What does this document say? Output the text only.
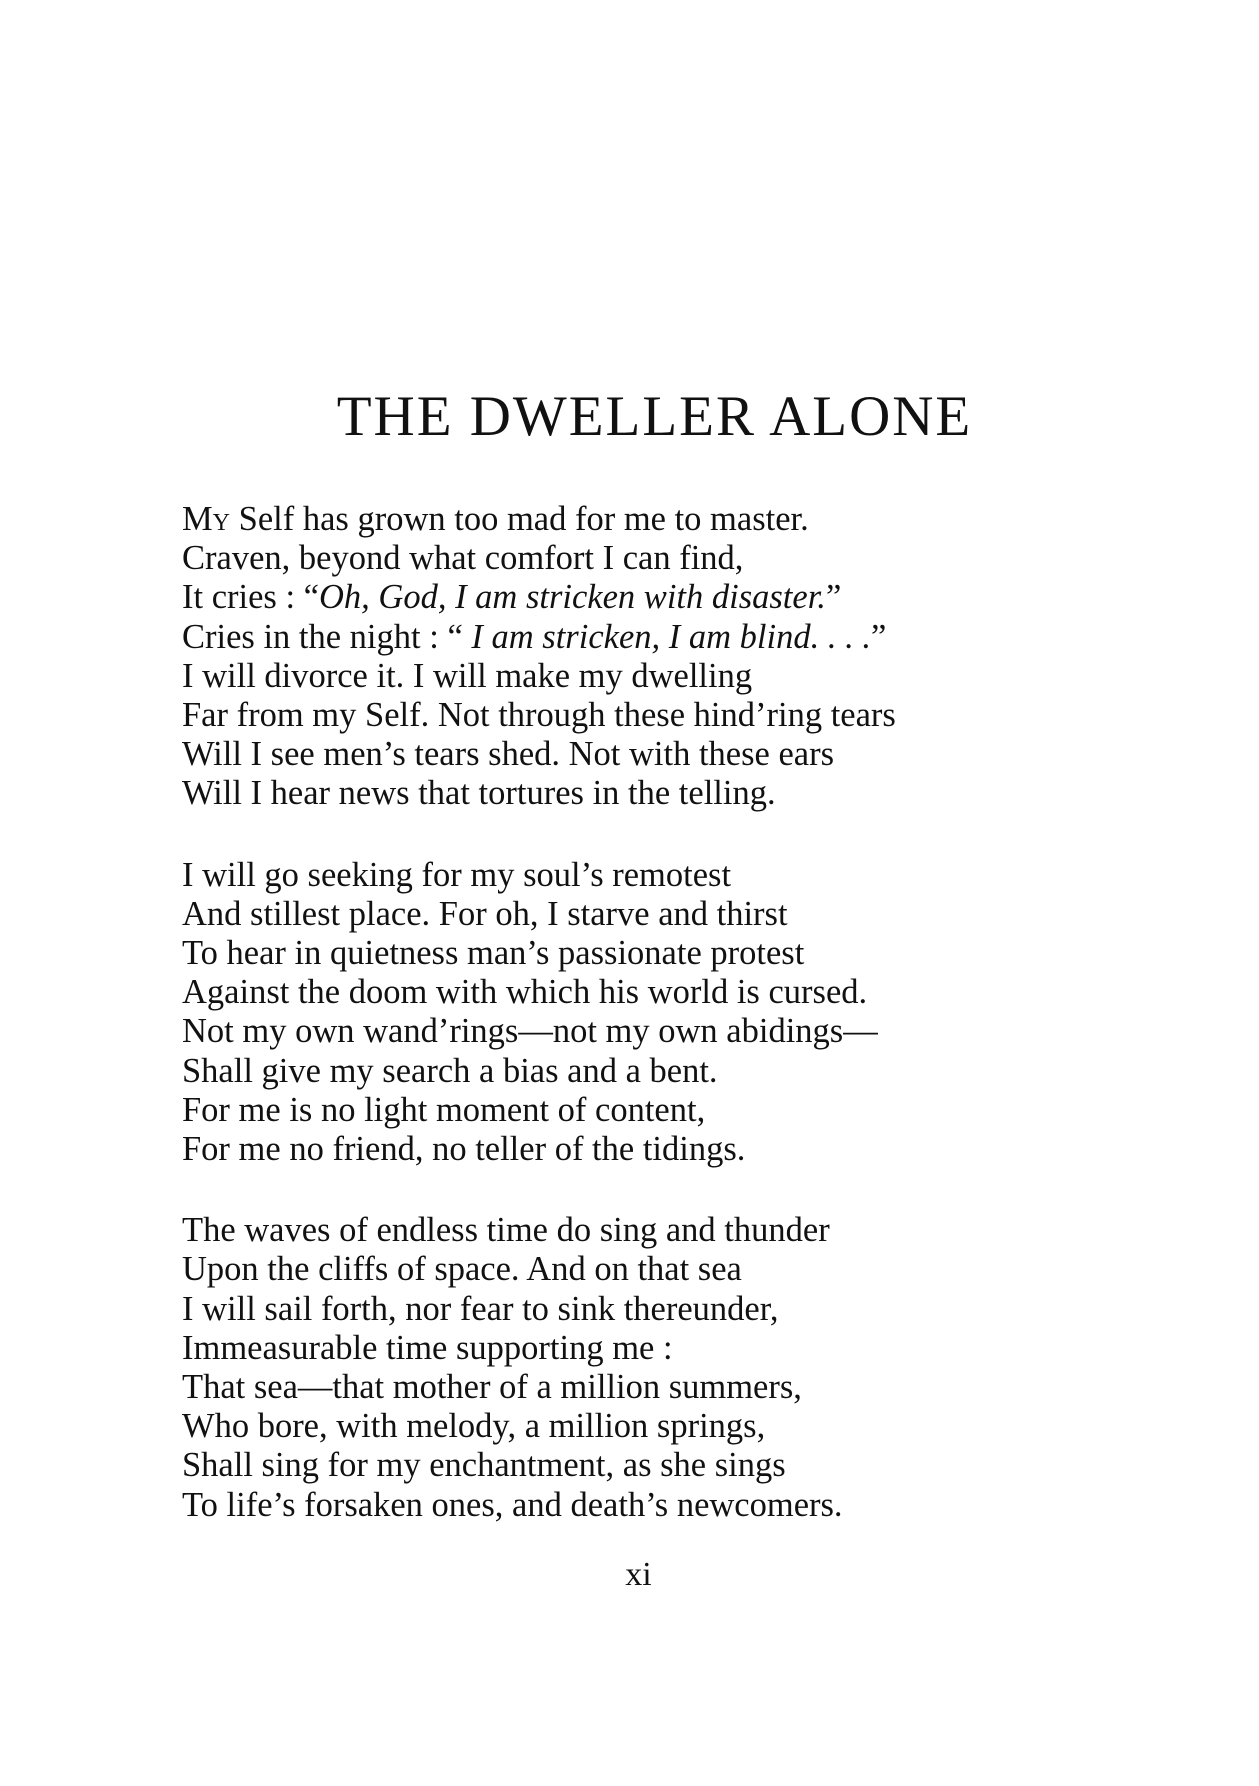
THE DWELLER ALONE
My Self has grown too mad for me to master.
Craven, beyond what comfort I can find,
It cries : “Oh, God, I am stricken with disaster.”
Cries in the night : “ I am stricken, I am blind. . . .”
I will divorce it. I will make my dwelling
Far from my Self. Not through these hind’ring tears
Will I see men’s tears shed. Not with these ears
Will I hear news that tortures in the telling.
I will go seeking for my soul’s remotest
And stillest place. For oh, I starve and thirst
To hear in quietness man’s passionate protest
Against the doom with which his world is cursed.
Not my own wand’rings—not my own abidings—
Shall give my search a bias and a bent.
For me is no light moment of content,
For me no friend, no teller of the tidings.
The waves of endless time do sing and thunder
Upon the cliffs of space. And on that sea
I will sail forth, nor fear to sink thereunder,
Immeasurable time supporting me :
That sea—that mother of a million summers,
Who bore, with melody, a million springs,
Shall sing for my enchantment, as she sings
To life’s forsaken ones, and death’s newcomers.
xi
